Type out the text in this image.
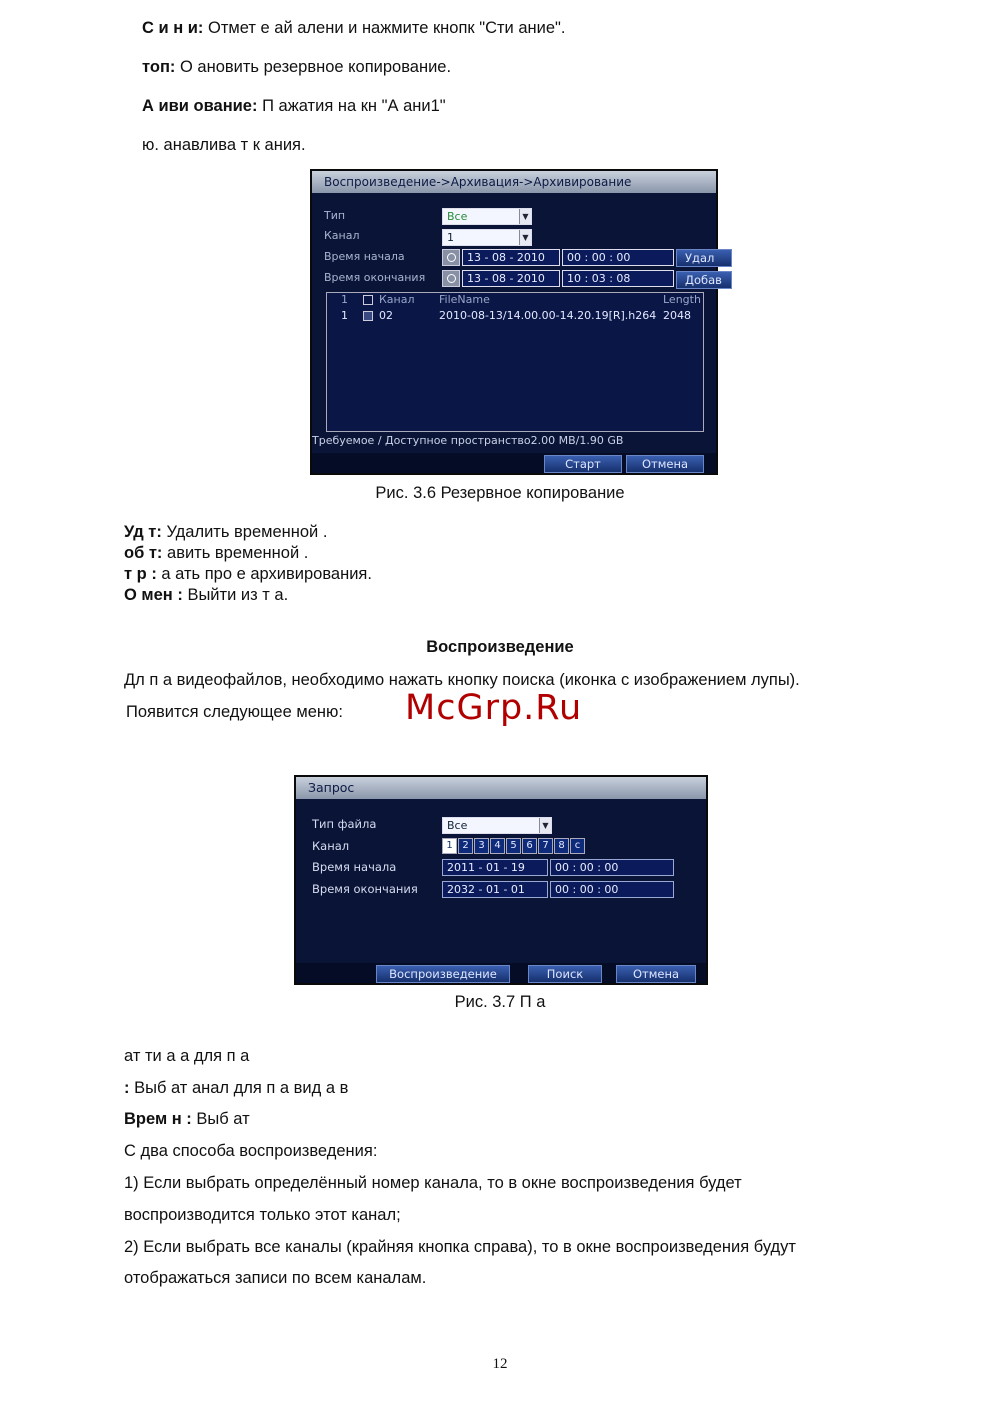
С и н и: Отмет е ай алени и нажмите кнопк "Сти ание".
топ: О ановить резервное копирование.
А иви ование: П ажатия на кн "А ани1"
ю. анавлива т к ания.
Воспроизведение->Архивация->Архивирование
Тип	Все	▼
Канал	1	▼
Время начала	13 - 08 - 2010	00 : 00 : 00	Удал
Время окончания	13 - 08 - 2010	10 : 03 : 08	Добав
1	Канал FileName	Length
1	02	2010-08-13/14.00.00-14.20.19[R].h264 2048
Требуемое / Доступное пространство2.00 MB/1.90 GB
Старт	Отмена
Рис. 3.6 Резервное копирование
Уд т: Удалить временной .
об т: авить временной .
т р : а ать про е архивирования.
О мен : Выйти из т а.
Воспроизведение
Дл п а видеофайлов, необходимо нажать кнопку поиска (иконка с изображением лупы).
Появится следующее меню: McGrp.Ru
Запрос
Тип файла	Все	▼
Канал	1 2 3 4 5 6 7 8	c
Время начала	2011 - 01 - 19	00 : 00 : 00
Время окончания	2032 - 01 - 01	00 : 00 : 00
Воспроизведение	Поиск	Отмена
Рис. 3.7 П а
ат ти а а для п а
: Выб ат анал для п а вид а в
Врем н : Выб ат
С два способа воспроизведения:
1) Если выбрать определённый номер канала, то в окне воспроизведения будет
воспроизводится только этот канал;
2) Если выбрать все каналы (крайняя кнопка справа), то в окне воспроизведения будут
отображаться записи по всем каналам.
12
